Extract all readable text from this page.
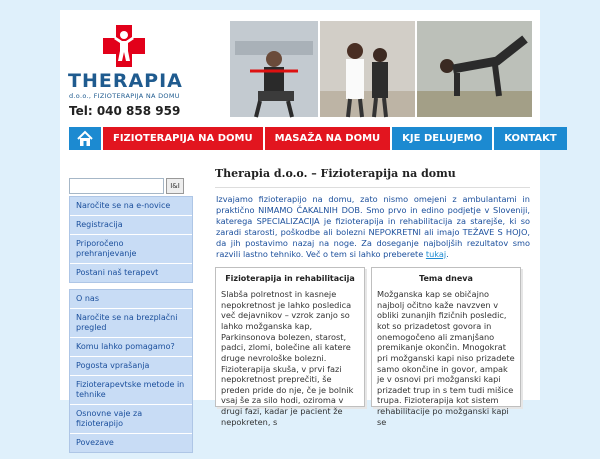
THERAPIA
d.o.o., FIZIOTERAPIJA NA DOMU
Tel: 040 858 959
FIZIOTERAPIJA NA DOMU	MASAŽA NA DOMU	KJE DELUJEMO	KONTAKT
I&I
Naročite se na e-novice
Registracija
Priporočeno prehranjevanje
Postani naš terapevt
O nas
Naročite se na brezplačni pregled
Komu lahko pomagamo?
Pogosta vprašanja
Fizioterapevtske metode in tehnike
Osnovne vaje za fizioterapijo
Povezave
Therapia d.o.o. – Fizioterapija na domu
Izvajamo fizioterapijo na domu, zato nismo omejeni z ambulantami in praktično NIMAMO ČAKALNIH DOB. Smo prvo in edino podjetje v Sloveniji, katerega SPECIALIZACIJA je fizioterapija in rehabilitacija za starejše, ki so zaradi starosti, poškodbe ali bolezni NEPOKRETNI ali imajo TEŽAVE S HOJO, da jih postavimo nazaj na noge. Za doseganje najboljših rezultatov smo razvili lastno tehniko. Več o tem si lahko preberete tukaj.
Fizioterapija in rehabilitacija
Slabša polretnost in kasneje nepokretnost je lahko posledica več dejavnikov – vzrok zanjo so lahko možganska kap, Parkinsonova bolezen, starost, padci, zlomi, bolečine ali katere druge nevrološke bolezni. Fizioterapija skuša, v prvi fazi nepokretnost preprečiti, še preden pride do nje, če je bolnik vsaj še za silo hodi, oziroma v drugi fazi, kadar je pacient že nepokreten, s
Tema dneva
Možganska kap se običajno najbolj očitno kaže navzven v obliki zunanjih fizičnih posledic, kot so prizadetost govora in onemogočeno ali zmanjšano premikanje okončin. Mnogokrat pri možganski kapi niso prizadete samo okončine in govor, ampak je v osnovi pri možganski kapi prizadet trup in s tem tudi mišice trupa. Fizioterapija kot sistem rehabilitacije po možganski kapi se
